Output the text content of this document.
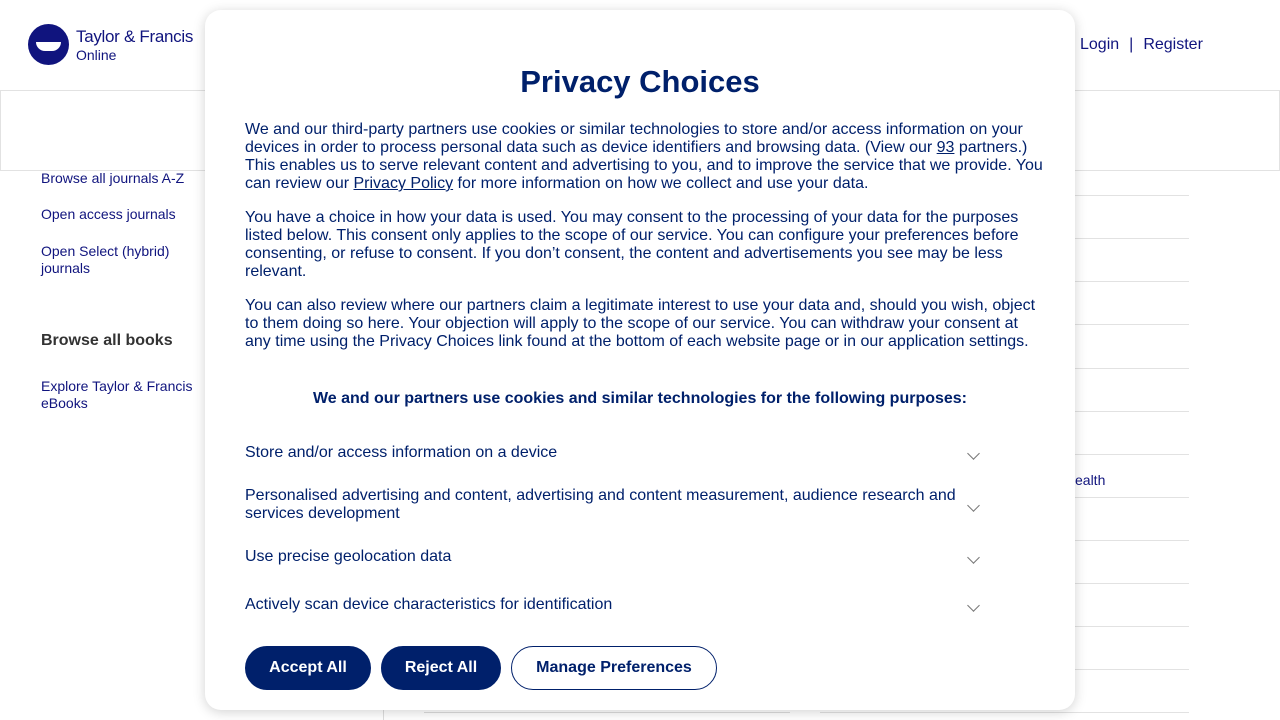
Taylor & Francis
Online
Login | Register
Browse all journals A-Z
Open access journals
Open Select (hybrid) journals
Browse all books
Explore Taylor & Francis eBooks
ealth
Privacy Choices

We and our third-party partners use cookies or similar technologies to store and/or access information on your devices in order to process personal data such as device identifiers and browsing data. (View our 93 partners.) This enables us to serve relevant content and advertising to you, and to improve the service that we provide. You can review our Privacy Policy for more information on how we collect and use your data.

You have a choice in how your data is used. You may consent to the processing of your data for the purposes listed below. This consent only applies to the scope of our service. You can configure your preferences before consenting, or refuse to consent. If you don’t consent, the content and advertisements you see may be less relevant.

You can also review where our partners claim a legitimate interest to use your data and, should you wish, object to them doing so here. Your objection will apply to the scope of our service. You can withdraw your consent at any time using the Privacy Choices link found at the bottom of each website page or in our application settings.

We and our partners use cookies and similar technologies for the following purposes:
Store and/or access information on a device
Personalised advertising and content, advertising and content measurement, audience research and services development
Use precise geolocation data
Actively scan device characteristics for identification
Accept All	Reject All	Manage Preferences
